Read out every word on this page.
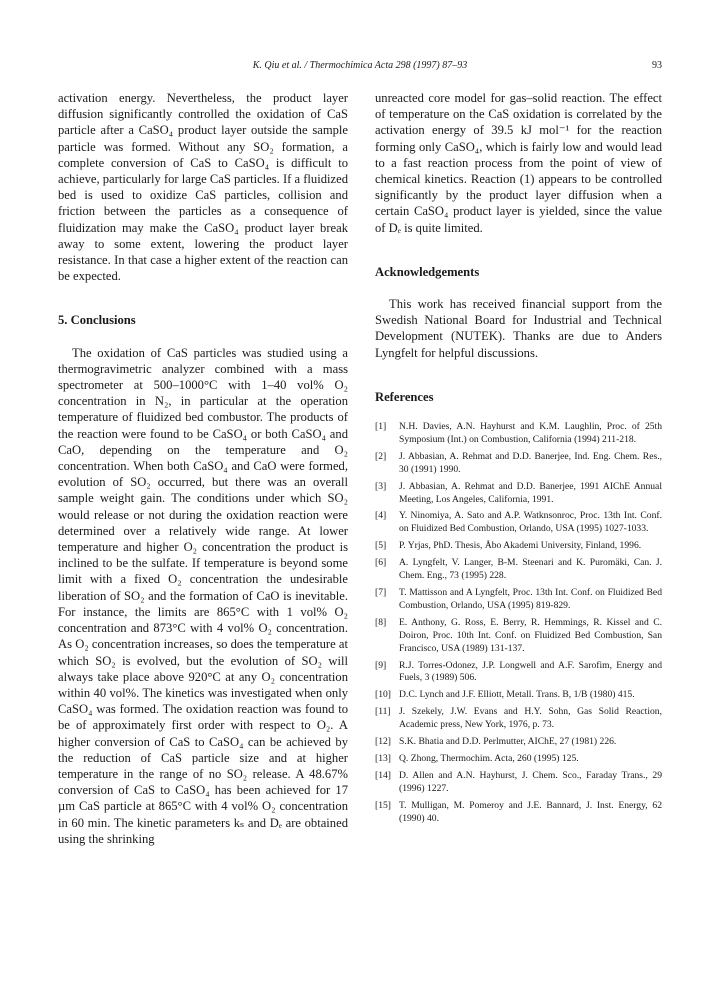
K. Qiu et al. / Thermochimica Acta 298 (1997) 87–93	93

activation energy. Nevertheless, the product layer diffusion significantly controlled the oxidation of CaS particle after a CaSO₄ product layer outside the sample particle was formed. Without any SO₂ formation, a complete conversion of CaS to CaSO₄ is difficult to achieve, particularly for large CaS particles. If a fluidized bed is used to oxidize CaS particles, collision and friction between the particles as a consequence of fluidization may make the CaSO₄ product layer break away to some extent, lowering the product layer resistance. In that case a higher extent of the reaction can be expected.

5. Conclusions

The oxidation of CaS particles was studied using a thermogravimetric analyzer combined with a mass spectrometer at 500–1000°C with 1–40 vol% O₂ concentration in N₂, in particular at the operation temperature of fluidized bed combustor. The products of the reaction were found to be CaSO₄ or both CaSO₄ and CaO, depending on the temperature and O₂ concentration. When both CaSO₄ and CaO were formed, evolution of SO₂ occurred, but there was an overall sample weight gain. The conditions under which SO₂ would release or not during the oxidation reaction were determined over a relatively wide range. At lower temperature and higher O₂ concentration the product is inclined to be the sulfate. If temperature is beyond some limit with a fixed O₂ concentration the undesirable liberation of SO₂ and the formation of CaO is inevitable. For instance, the limits are 865°C with 1 vol% O₂ concentration and 873°C with 4 vol% O₂ concentration. As O₂ concentration increases, so does the temperature at which SO₂ is evolved, but the evolution of SO₂ will always take place above 920°C at any O₂ concentration within 40 vol%. The kinetics was investigated when only CaSO₄ was formed. The oxidation reaction was found to be of approximately first order with respect to O₂. A higher conversion of CaS to CaSO₄ can be achieved by the reduction of CaS particle size and at higher temperature in the range of no SO₂ release. A 48.67% conversion of CaS to CaSO₄ has been achieved for 17 µm CaS particle at 865°C with 4 vol% O₂ concentration in 60 min. The kinetic parameters kₛ and Dₑ are obtained using the shrinking

unreacted core model for gas–solid reaction. The effect of temperature on the CaS oxidation is correlated by the activation energy of 39.5 kJ mol⁻¹ for the reaction forming only CaSO₄, which is fairly low and would lead to a fast reaction process from the point of view of chemical kinetics. Reaction (1) appears to be controlled significantly by the product layer diffusion when a certain CaSO₄ product layer is yielded, since the value of Dₑ is quite limited.

Acknowledgements

This work has received financial support from the Swedish National Board for Industrial and Technical Development (NUTEK). Thanks are due to Anders Lyngfelt for helpful discussions.

References
[1]	N.H. Davies, A.N. Hayhurst and K.M. Laughlin, Proc. of 25th Symposium (Int.) on Combustion, California (1994) 211-218.
[2]	J. Abbasian, A. Rehmat and D.D. Banerjee, Ind. Eng. Chem. Res., 30 (1991) 1990.
[3]	J. Abbasian, A. Rehmat and D.D. Banerjee, 1991 AIChE Annual Meeting, Los Angeles, California, 1991.
[4]	Y. Ninomiya, A. Sato and A.P. Watknsonroc, Proc. 13th Int. Conf. on Fluidized Bed Combustion, Orlando, USA (1995) 1027-1033.
[5]	P. Yrjas, PhD. Thesis, Åbo Akademi University, Finland, 1996.
[6]	A. Lyngfelt, V. Langer, B-M. Steenari and K. Puromäki, Can. J. Chem. Eng., 73 (1995) 228.
[7]	T. Mattisson and A Lyngfelt, Proc. 13th Int. Conf. on Fluidized Bed Combustion, Orlando, USA (1995) 819-829.
[8]	E. Anthony, G. Ross, E. Berry, R. Hemmings, R. Kissel and C. Doiron, Proc. 10th Int. Conf. on Fluidized Bed Combustion, San Francisco, USA (1989) 131-137.
[9]	R.J. Torres-Odonez, J.P. Longwell and A.F. Sarofim, Energy and Fuels, 3 (1989) 506.
[10] D.C. Lynch and J.F. Elliott, Metall. Trans. B, 1/B (1980) 415.
[11] J. Szekely, J.W. Evans and H.Y. Sohn, Gas Solid Reaction, Academic press, New York, 1976, p. 73.
[12] S.K. Bhatia and D.D. Perlmutter, AIChE, 27 (1981) 226.
[13] Q. Zhong, Thermochim. Acta, 260 (1995) 125.
[14] D. Allen and A.N. Hayhurst, J. Chem. Sco., Faraday Trans., 29 (1996) 1227.
[15] T. Mulligan, M. Pomeroy and J.E. Bannard, J. Inst. Energy, 62 (1990) 40.
